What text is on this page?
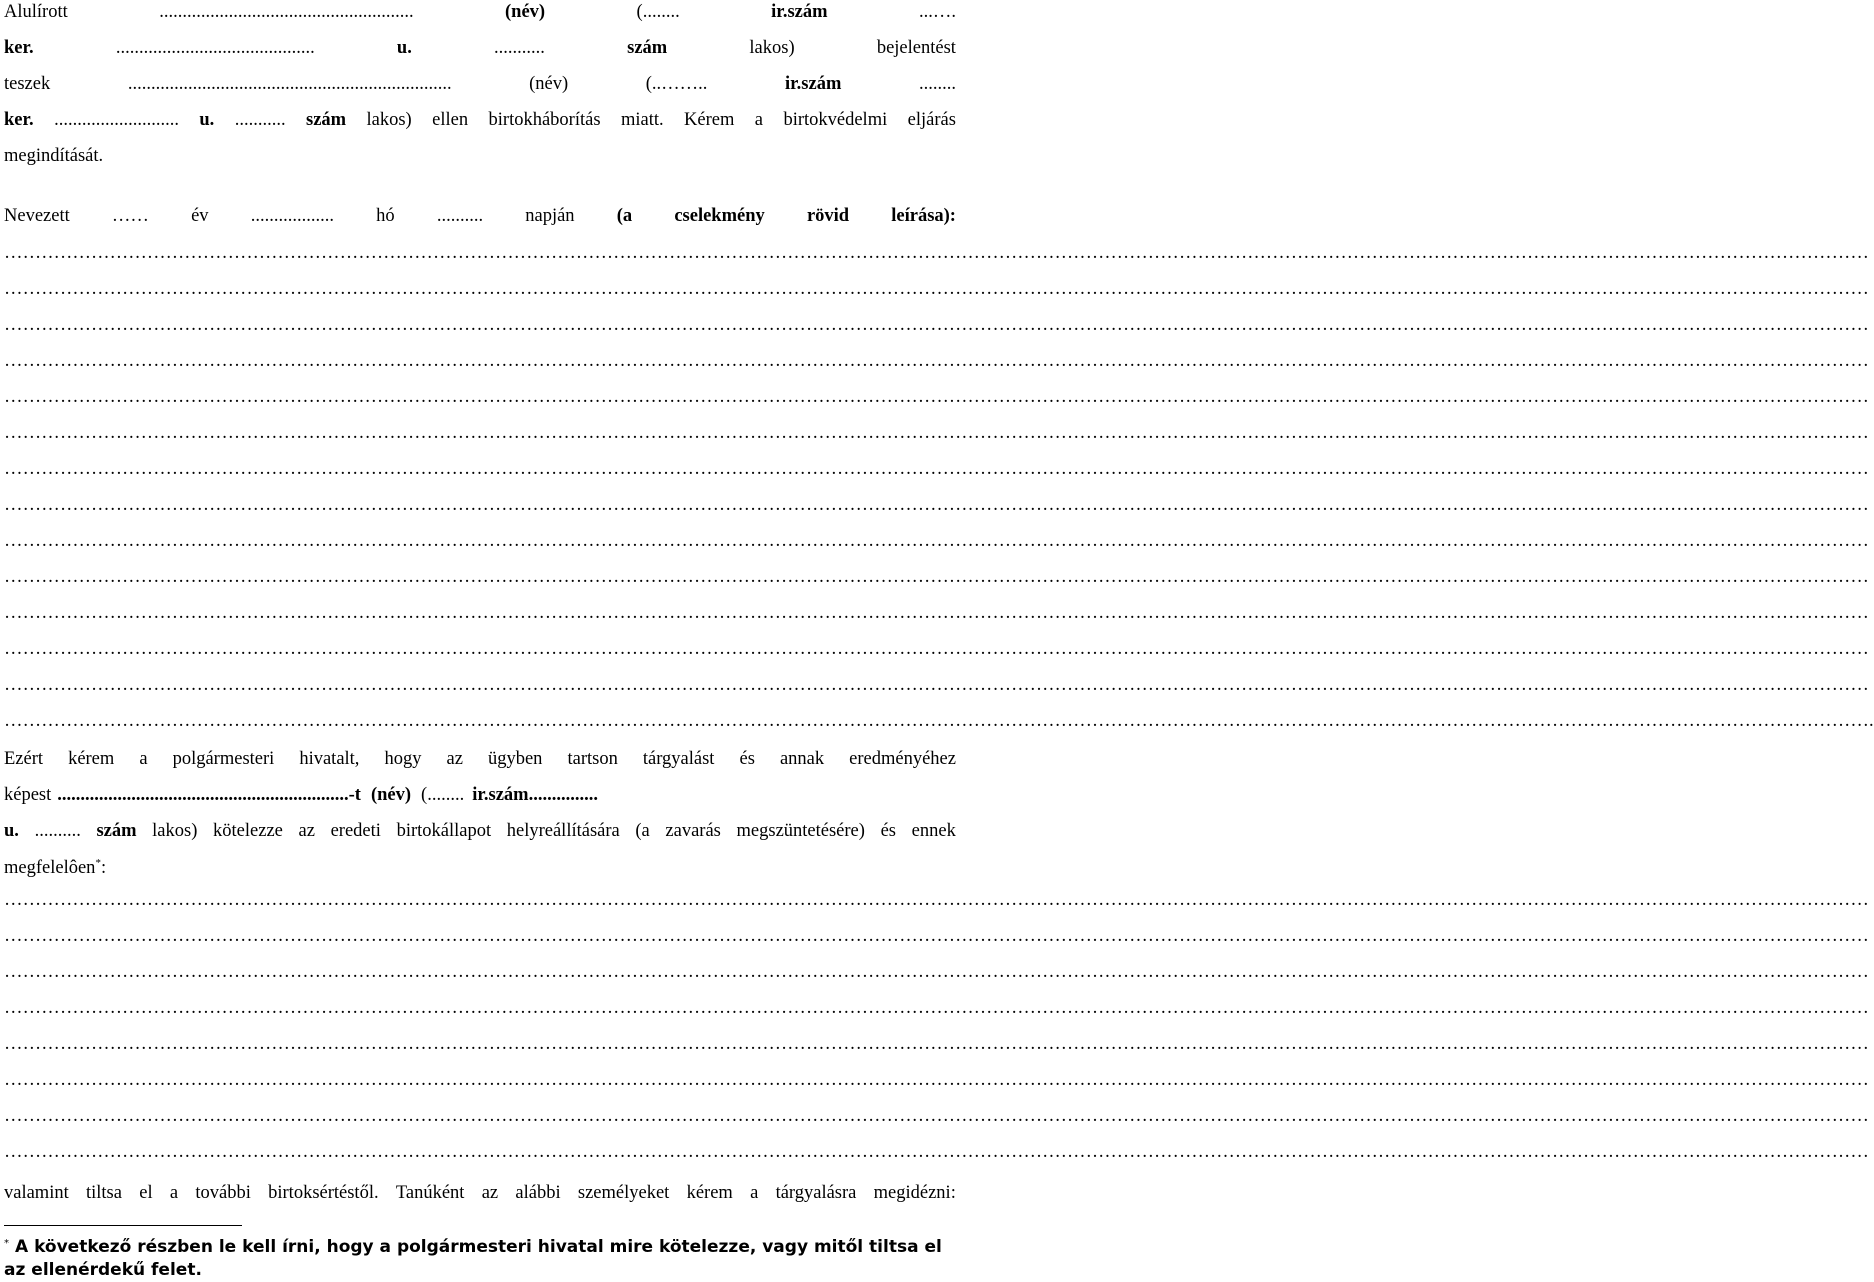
Alulírott	.......................................................	(név)	(........	ir.szám	...….
ker.	...........................................	u.	...........	szám	lakos)	bejelentést
teszek	......................................................................	(név)	(..……..	ir.szám	........
ker. ........................... u. ........... szám lakos) ellen birtokháborítás miatt. Kérem a birtokvédelmi eljárás
megindítását.
Nevezett …… év .................. hó .......... napján (a cselekmény rövid leírása):
…………………………………………………………………………………………………………………………………………………………………………………………………………………………………………………………………………
…………………………………………………………………………………………………………………………………………………………………………………………………………………………………………………………………………
…………………………………………………………………………………………………………………………………………………………………………………………………………………………………………………………………………
…………………………………………………………………………………………………………………………………………………………………………………………………………………………………………………………………………
…………………………………………………………………………………………………………………………………………………………………………………………………………………………………………………………………………
…………………………………………………………………………………………………………………………………………………………………………………………………………………………………………………………………………
…………………………………………………………………………………………………………………………………………………………………………………………………………………………………………………………………………
…………………………………………………………………………………………………………………………………………………………………………………………………………………………………………………………………………
…………………………………………………………………………………………………………………………………………………………………………………………………………………………………………………………………………
…………………………………………………………………………………………………………………………………………………………………………………………………………………………………………………………………………
…………………………………………………………………………………………………………………………………………………………………………………………………………………………………………………………………………
…………………………………………………………………………………………………………………………………………………………………………………………………………………………………………………………………………
…………………………………………………………………………………………………………………………………………………………………………………………………………………………………………………………………………
………………………………………………………………………………………………………………………………………………………………………………………………………………………………………………………………………….
Ezért kérem a polgármesteri hivatalt, hogy az ügyben tartson tárgyalást és annak eredményéhez
képest ...............................................................-t (név) (........ ir.szám...............
u. .......... szám lakos) kötelezze az eredeti birtokállapot helyreállítására (a zavarás megszüntetésére) és ennek
megfelelôen*:
…………………………………………………………………………………………………………………………………………………………………………………………………………………………………………………………………………
…………………………………………………………………………………………………………………………………………………………………………………………………………………………………………………………………………
…………………………………………………………………………………………………………………………………………………………………………………………………………………………………………………………………………
…………………………………………………………………………………………………………………………………………………………………………………………………………………………………………………………………………
…………………………………………………………………………………………………………………………………………………………………………………………………………………………………………………………………………
…………………………………………………………………………………………………………………………………………………………………………………………………………………………………………………………………………
…………………………………………………………………………………………………………………………………………………………………………………………………………………………………………………………………………
…………………………………………………………………………………………………………………………………………………………………………………………………………………………………………………………………………
valamint tiltsa el a további birtoksértéstől. Tanúként az alábbi személyeket kérem a tárgyalásra megidézni:
* A következő részben le kell írni, hogy a polgármesteri hivatal mire kötelezze, vagy mitől tiltsa el az ellenérdekű felet.
